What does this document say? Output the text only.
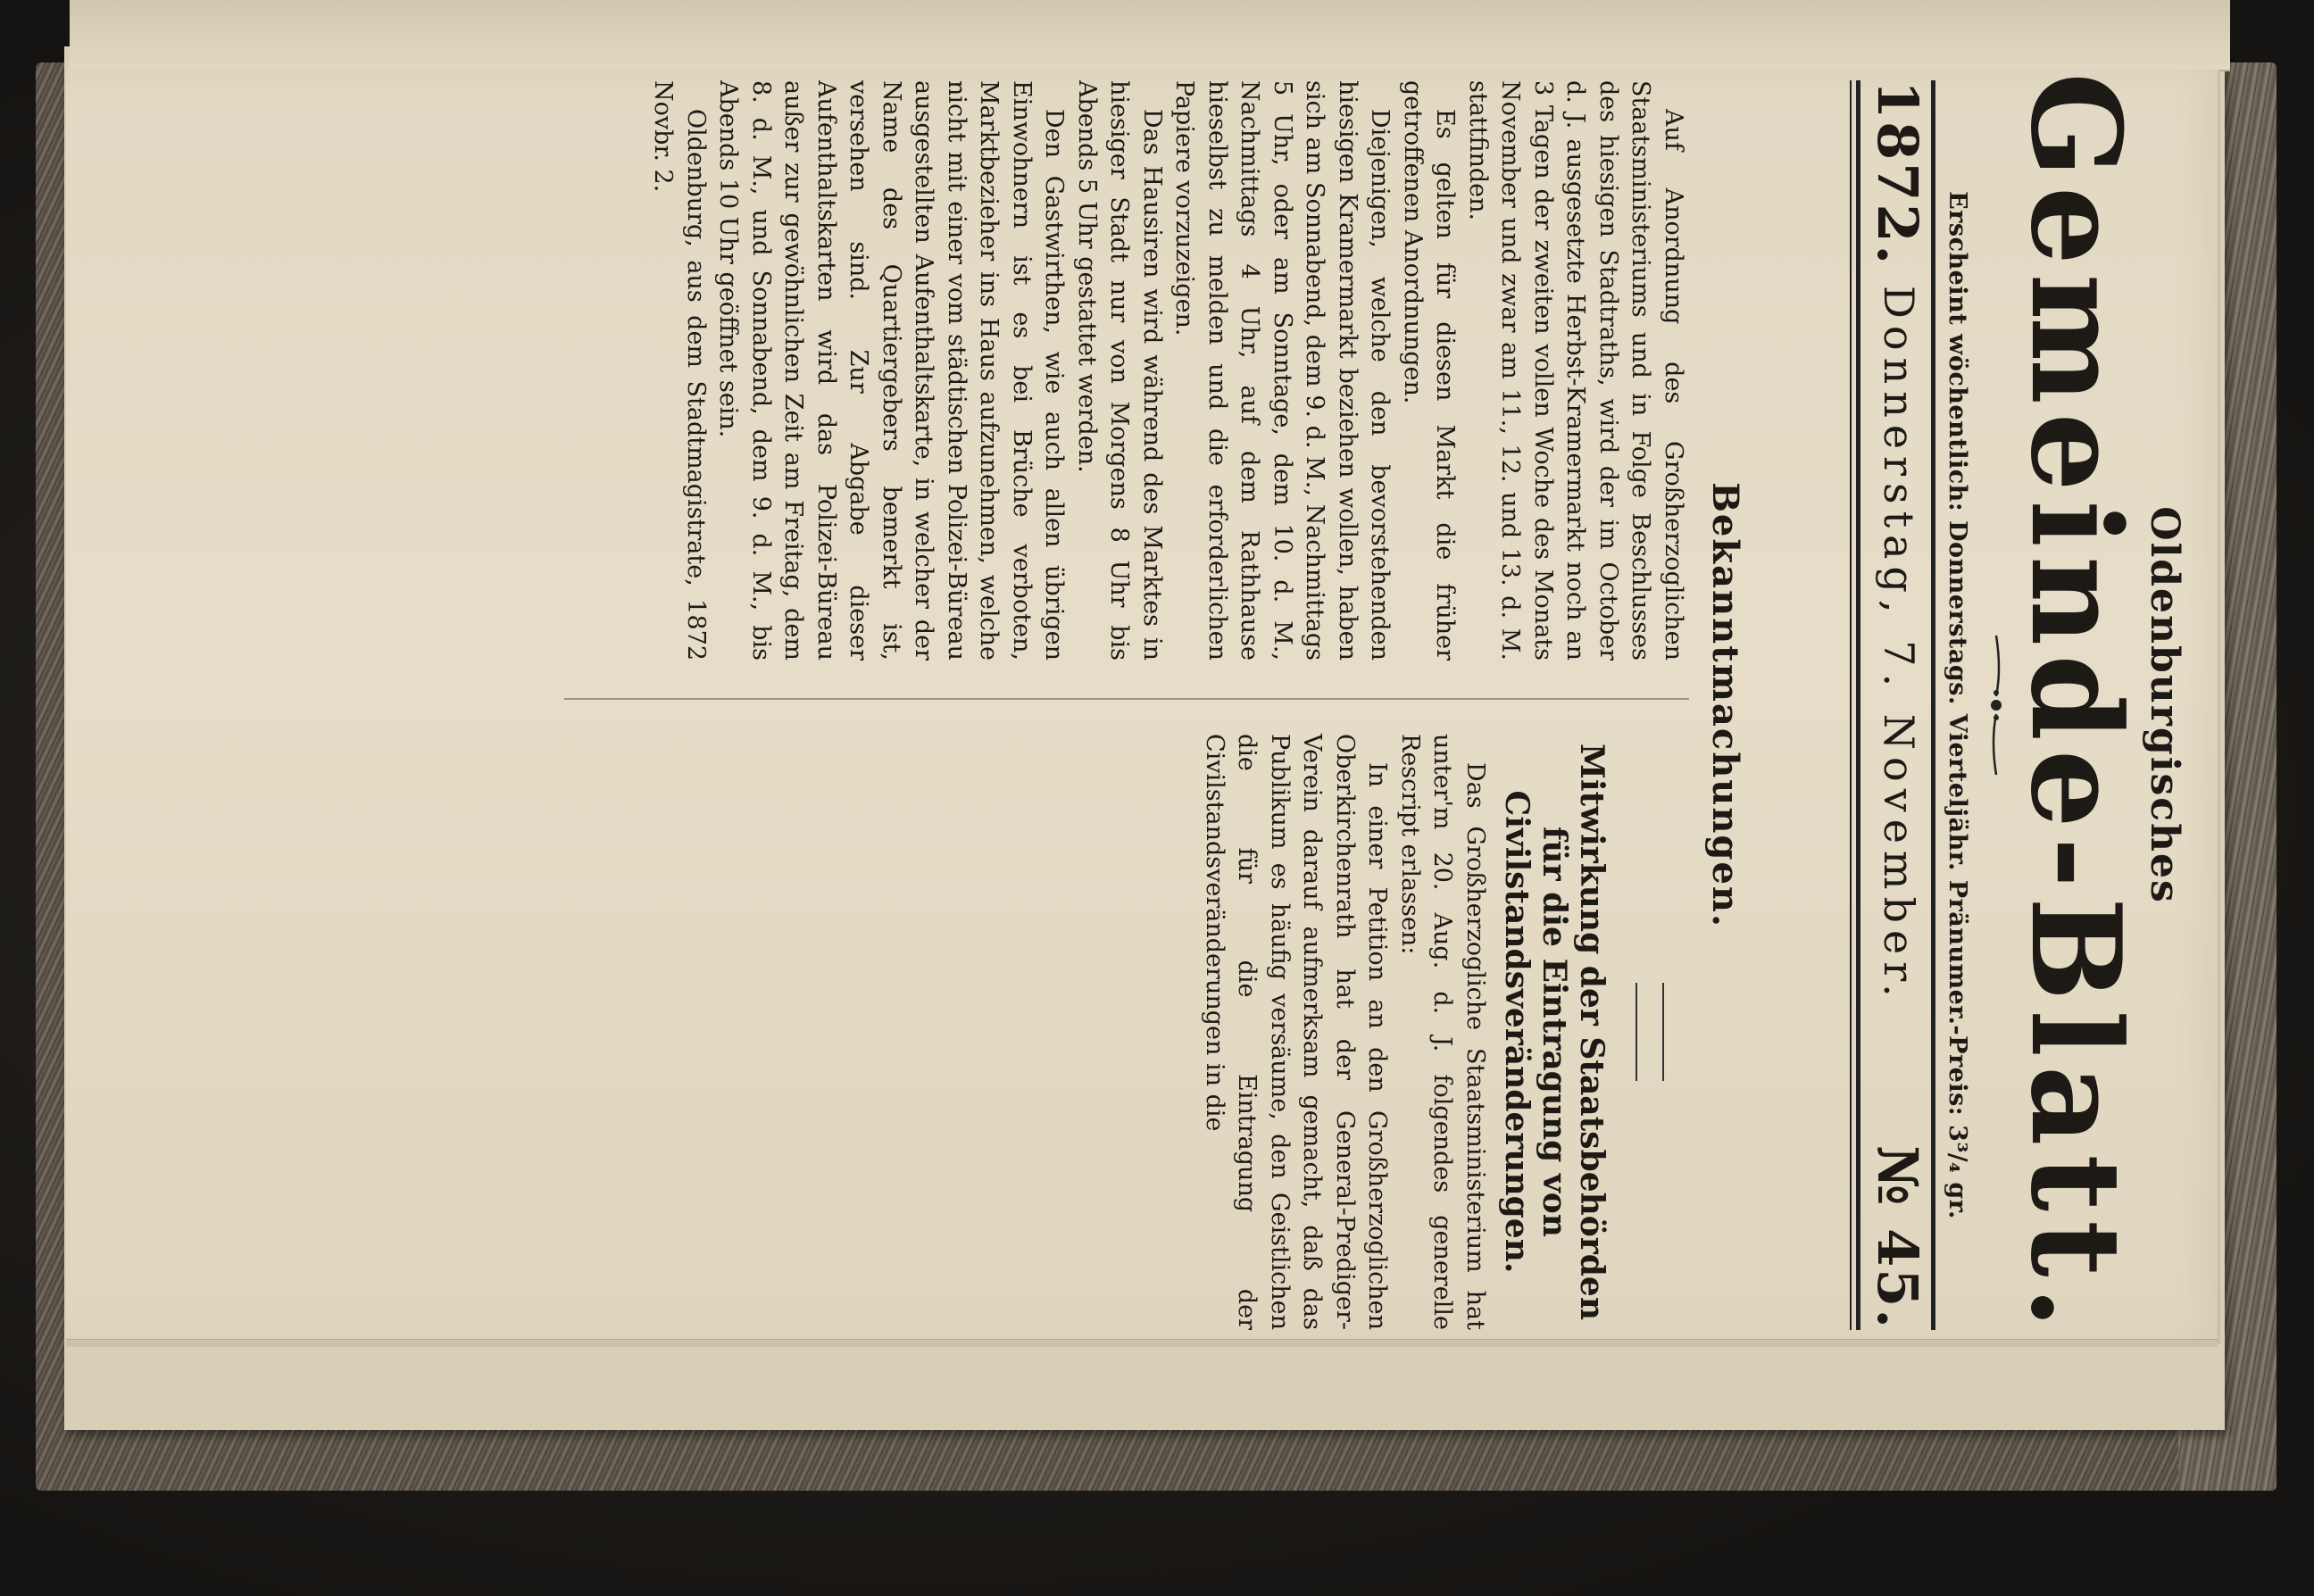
Oldenburgisches
Gemeinde-Blatt.
Erscheint wöchentlich: Donnerstags. Vierteljähr. Pränumer.-Preis: 3³/₄ gr.
1872.
Donnerstag, 7. November.
№ 45.
Bekanntmachungen.

Auf Anordnung des Großherzoglichen Staatsministeriums und in Folge Beschlusses des hiesigen Stadtraths, wird der im October d. J. ausgesetzte Herbst-Kramermarkt noch an 3 Tagen der zweiten vollen Woche des Monats November und zwar am 11., 12. und 13. d. M. stattfinden.

Es gelten für diesen Markt die früher getroffenen Anordnungen.

Diejenigen, welche den bevorstehenden hiesigen Kramermarkt beziehen wollen, haben sich am Sonnabend, dem 9. d. M., Nachmittags 5 Uhr, oder am Sonntage, dem 10. d. M., Nachmittags 4 Uhr, auf dem Rathhause hieselbst zu melden und die erforderlichen Papiere vorzuzeigen.

Das Hausiren wird während des Marktes in hiesiger Stadt nur von Morgens 8 Uhr bis Abends 5 Uhr gestattet werden.

Den Gastwirthen, wie auch allen übrigen Einwohnern ist es bei Brüche verboten, Marktbezieher ins Haus aufzunehmen, welche nicht mit einer vom städtischen Polizei-Büreau ausgestellten Aufenthaltskarte, in welcher der Name des Quartiergebers bemerkt ist, versehen sind. Zur Abgabe dieser Aufenthaltskarten wird das Polizei-Büreau außer zur gewöhnlichen Zeit am Freitag, dem 8. d. M., und Sonnabend, dem 9. d. M., bis Abends 10 Uhr geöffnet sein.

Oldenburg, aus dem Stadtmagistrate, 1872 Novbr. 2.

Mitwirkung der Staatsbehörden für die Eintragung von Civilstandsveränderungen.

Das Großherzogliche Staatsministerium hat unter'm 20. Aug. d. J. folgendes generelle Rescript erlassen:

In einer Petition an den Großherzoglichen Oberkirchenrath hat der General-Prediger-Verein darauf aufmerksam gemacht, daß das Publikum es häufig versäume, den Geistlichen die für die Eintragung der Civilstandsveränderungen in die
